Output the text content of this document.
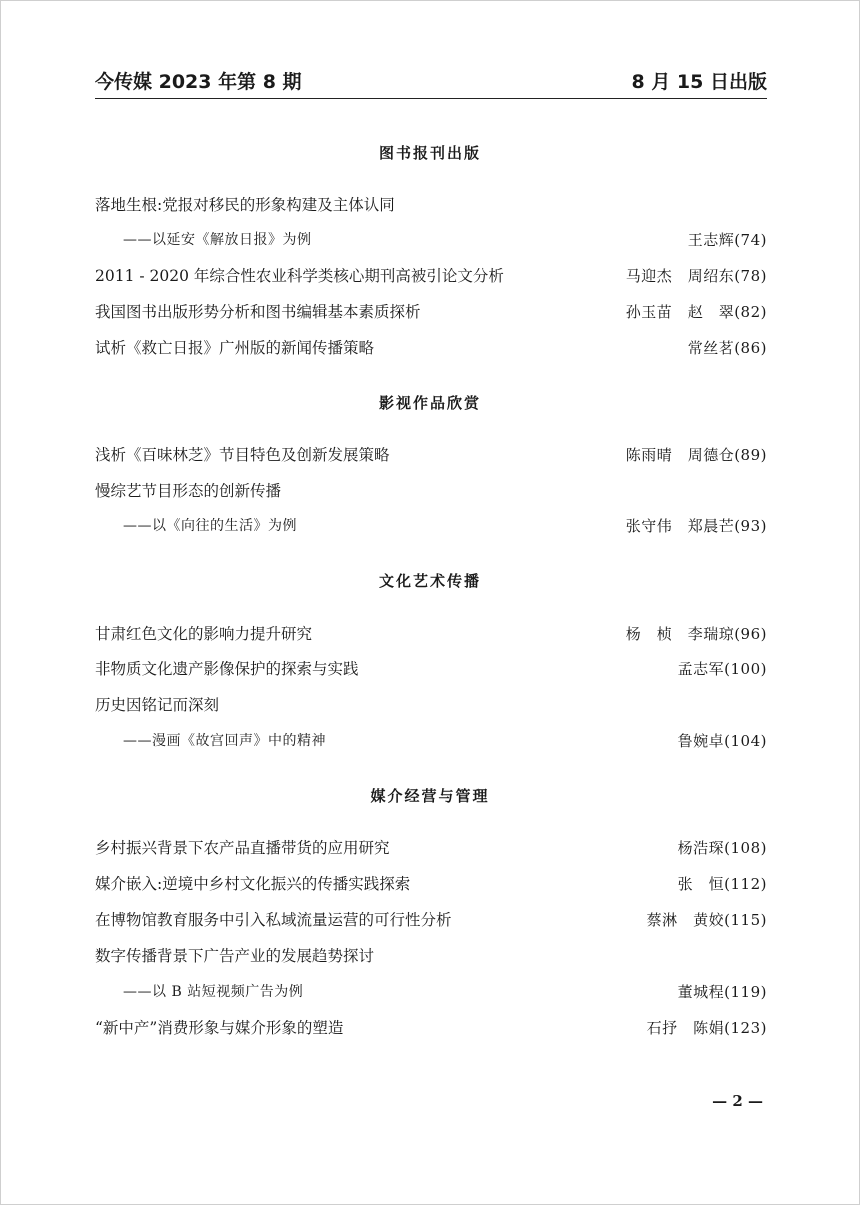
今传媒 2023 年第 8 期	8 月 15 日出版
图书报刊出版
落地生根:党报对移民的形象构建及主体认同
——以延安《解放日报》为例	王志辉(74)
2011 - 2020 年综合性农业科学类核心期刊高被引论文分析	马迎杰　周绍东(78)
我国图书出版形势分析和图书编辑基本素质探析	孙玉苗　赵　翠(82)
试析《救亡日报》广州版的新闻传播策略	常丝茗(86)
影视作品欣赏
浅析《百味林芝》节目特色及创新发展策略	陈雨晴　周德仓(89)
慢综艺节目形态的创新传播
——以《向往的生活》为例	张守伟　郑晨芒(93)
文化艺术传播
甘肃红色文化的影响力提升研究	杨　桢　李瑞琼(96)
非物质文化遗产影像保护的探索与实践	孟志军(100)
历史因铭记而深刻
——漫画《故宫回声》中的精神	鲁婉卓(104)
媒介经营与管理
乡村振兴背景下农产品直播带货的应用研究	杨浩琛(108)
媒介嵌入:逆境中乡村文化振兴的传播实践探索	张　恒(112)
在博物馆教育服务中引入私域流量运营的可行性分析	蔡淋　黄姣(115)
数字传播背景下广告产业的发展趋势探讨
——以 B 站短视频广告为例	董城程(119)
“新中产”消费形象与媒介形象的塑造	石抒　陈娟(123)
— 2 —
